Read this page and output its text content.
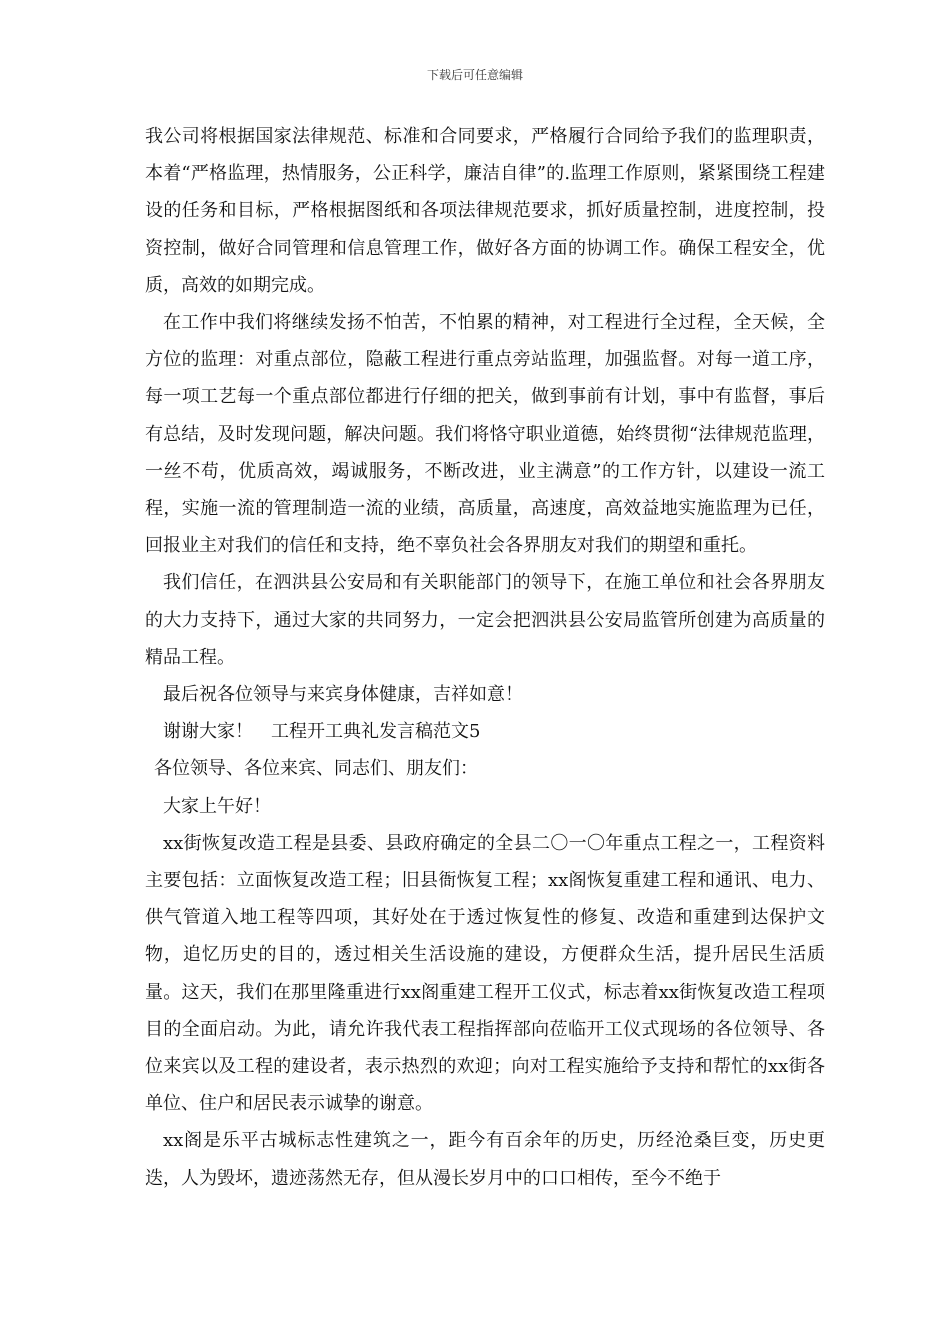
下载后可任意编辑

我公司将根据国家法律规范、标准和合同要求，严格履行合同给予我们的监理职责，本着“严格监理，热情服务，公正科学，廉洁自律”的.监理工作原则，紧紧围绕工程建设的任务和目标，严格根据图纸和各项法律规范要求，抓好质量控制，进度控制，投资控制，做好合同管理和信息管理工作，做好各方面的协调工作。确保工程安全，优质，高效的如期完成。

在工作中我们将继续发扬不怕苦，不怕累的精神，对工程进行全过程，全天候，全方位的监理：对重点部位，隐蔽工程进行重点旁站监理，加强监督。对每一道工序，每一项工艺每一个重点部位都进行仔细的把关，做到事前有计划，事中有监督，事后有总结，及时发现问题，解决问题。我们将恪守职业道德，始终贯彻“法律规范监理，一丝不苟，优质高效，竭诚服务，不断改进，业主满意”的工作方针，以建设一流工程，实施一流的管理制造一流的业绩，高质量，高速度，高效益地实施监理为已任，回报业主对我们的信任和支持，绝不辜负社会各界朋友对我们的期望和重托。

我们信任，在泗洪县公安局和有关职能部门的领导下，在施工单位和社会各界朋友的大力支持下，通过大家的共同努力，一定会把泗洪县公安局监管所创建为高质量的精品工程。

最后祝各位领导与来宾身体健康，吉祥如意！

谢谢大家！ 工程开工典礼发言稿范文5

各位领导、各位来宾、同志们、朋友们：

大家上午好！

xx街恢复改造工程是县委、县政府确定的全县二〇一〇年重点工程之一，工程资料主要包括：立面恢复改造工程；旧县衙恢复工程；xx阁恢复重建工程和通讯、电力、供气管道入地工程等四项，其好处在于透过恢复性的修复、改造和重建到达保护文物，追忆历史的目的，透过相关生活设施的建设，方便群众生活，提升居民生活质量。这天，我们在那里隆重进行xx阁重建工程开工仪式，标志着xx街恢复改造工程项目的全面启动。为此，请允许我代表工程指挥部向莅临开工仪式现场的各位领导、各位来宾以及工程的建设者，表示热烈的欢迎；向对工程实施给予支持和帮忙的xx街各单位、住户和居民表示诚挚的谢意。

xx阁是乐平古城标志性建筑之一，距今有百余年的历史，历经沧桑巨变，历史更迭，人为毁坏，遗迹荡然无存，但从漫长岁月中的口口相传，至今不绝于
